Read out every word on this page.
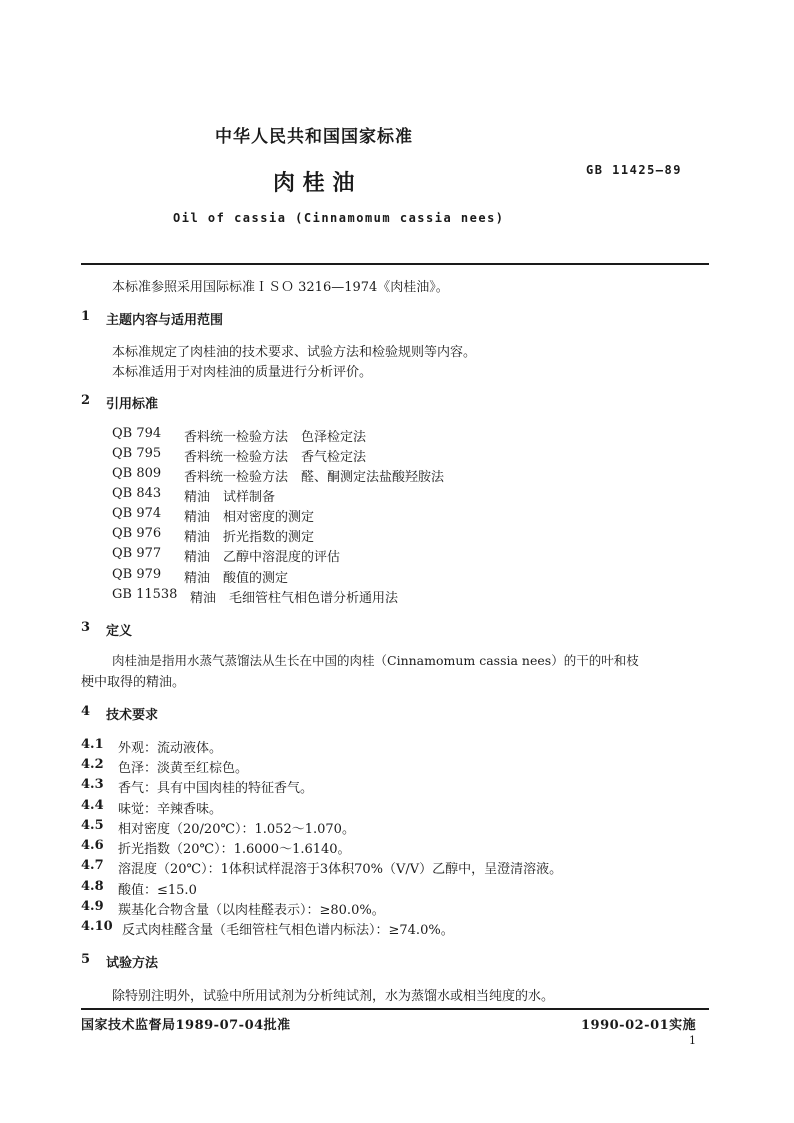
中华人民共和国国家标准
肉 桂 油	GB 11425—89
Oil of cassia (Cinnamomum cassia nees)
本标准参照采用国际标准ＩＳＯ 3216—1974《肉桂油》。
1 主题内容与适用范围
本标准规定了肉桂油的技术要求、试验方法和检验规则等内容。
本标准适用于对肉桂油的质量进行分析评价。
2 引用标准
QB 794 香料统一检验方法　色泽检定法
QB 795 香料统一检验方法　香气检定法
QB 809 香料统一检验方法　醛、酮测定法盐酸羟胺法
QB 843 精油　试样制备
QB 974 精油　相对密度的测定
QB 976 精油　折光指数的测定
QB 977 精油　乙醇中溶混度的评估
QB 979 精油　酸值的测定
GB 11538 精油　毛细管柱气相色谱分析通用法
3 定义
肉桂油是指用水蒸气蒸馏法从生长在中国的肉桂（Cinnamomum cassia nees）的干的叶和枝
梗中取得的精油。
4 技术要求
4.1 外观：流动液体。
4.2 色泽：淡黄至红棕色。
4.3 香气：具有中国肉桂的特征香气。
4.4 味觉：辛辣香味。
4.5 相对密度（20/20℃）：1.052～1.070。
4.6 折光指数（20℃）：1.6000～1.6140。
4.7 溶混度（20℃）：1体积试样混溶于3体积70%（V/V）乙醇中，呈澄清溶液。
4.8 酸值：≤15.0
4.9 羰基化合物含量（以肉桂醛表示）：≥80.0%。
4.10 反式肉桂醛含量（毛细管柱气相色谱内标法）：≥74.0%。
5 试验方法
除特别注明外，试验中所用试剂为分析纯试剂，水为蒸馏水或相当纯度的水。
国家技术监督局1989-07-04批准	1990-02-01实施
1
